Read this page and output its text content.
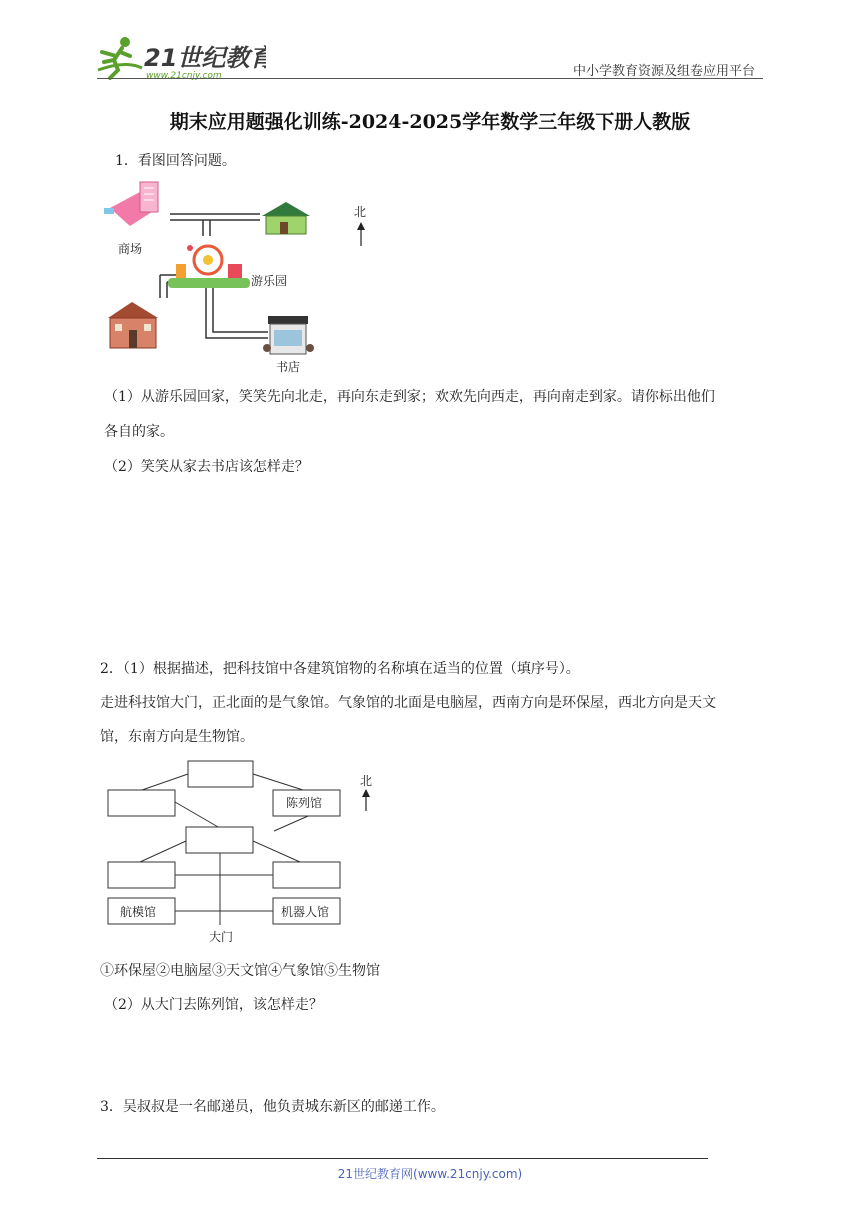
21世纪教育
www.21cnjy.com	中小学教育资源及组卷应用平台
期末应用题强化训练-2024-2025学年数学三年级下册人教版
1．看图回答问题。
商场
游乐园
书店
北
（1）从游乐园回家，笑笑先向北走，再向东走到家；欢欢先向西走，再向南走到家。请你标出他们
各自的家。
（2）笑笑从家去书店该怎样走？
2．（1）根据描述，把科技馆中各建筑馆物的名称填在适当的位置（填序号）。
走进科技馆大门，正北面的是气象馆。气象馆的北面是电脑屋，西南方向是环保屋，西北方向是天文
馆，东南方向是生物馆。
陈列馆
航模馆	机器人馆
大门
北
①环保屋②电脑屋③天文馆④气象馆⑤生物馆
（2）从大门去陈列馆，该怎样走？
3．吴叔叔是一名邮递员，他负责城东新区的邮递工作。
21世纪教育网(www.21cnjy.com)
